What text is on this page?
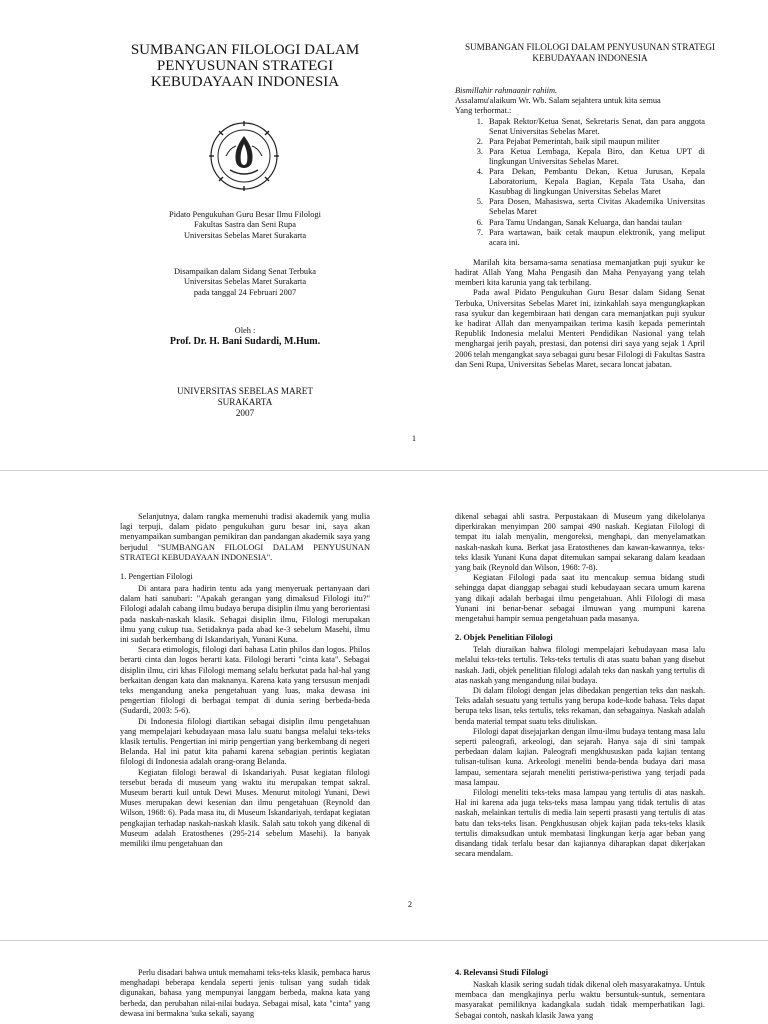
SUMBANGAN FILOLOGI DALAM PENYUSUNAN STRATEGI KEBUDAYAAN INDONESIA
Pidato Pengukuhan Guru Besar Ilmu Filologi
Fakultas Sastra dan Seni Rupa
Universitas Sebelas Maret Surakarta
Disampaikan dalam Sidang Senat Terbuka
Universitas Sebelas Maret Surakarta
pada tanggal 24 Februari 2007
Oleh :
Prof. Dr. H. Bani Sudardi, M.Hum.
UNIVERSITAS SEBELAS MARET
SURAKARTA
2007
SUMBANGAN FILOLOGI DALAM PENYUSUNAN STRATEGI KEBUDAYAAN INDONESIA

Bismillahir rahmaanir rahiim.

Assalamu'alaikum Wr. Wb. Salam sejahtera untuk kita semua

Yang terhormat.:

1. Bapak Rektor/Ketua Senat, Sekretaris Senat, dan para anggota Senat Universitas Sebelas Maret.
2. Para Pejabat Pemerintah, baik sipil maupun militer
3. Para Ketua Lembaga, Kepala Biro, dan Ketua UPT di lingkungan Universitas Sebelas Maret.
4. Para Dekan, Pembantu Dekan, Ketua Jurusan, Kepala Laboratorium, Kepala Bagian, Kepala Tata Usaha, dan Kasubbag di lingkungan Universitas Sebelas Maret
5. Para Dosen, Mahasiswa, serta Civitas Akademika Universitas Sebelas Maret
6. Para Tamu Undangan, Sanak Keluarga, dan handai taulan
7. Para wartawan, baik cetak maupun elektronik, yang meliput acara ini.

Marilah kita bersama-sama senatiasa memanjatkan puji syukur ke hadirat Allah Yang Maha Pengasih dan Maha Penyayang yang telah memberi kita karunia yang tak terbilang.

Pada awal Pidato Pengukuhan Guru Besar dalam Sidang Senat Terbuka, Universitas Sebelas Maret ini, izinkahlah saya mengungkapkan rasa syukur dan kegembiraan hati dengan cara memanjatkan puji syukur ke hadirat Allah dan menyampaikan terima kasih kepada pemerintah Republik Indonesia melalui Menteri Pendidikan Nasional yang telah menghargai jerih payah, prestasi, dan potensi diri saya yang sejak 1 April 2006 telah mengangkat saya sebagai guru besar Filologi di Fakultas Sastra dan Seni Rupa, Universitas Sebelas Maret, secara loncat jabatan.

1

Selanjutnya, dalam rangka memenuhi tradisi akademik yang mulia lagi terpuji, dalam pidato pengukuhan guru besar ini, saya akan menyampaikan sumbangan pemikiran dan pandangan akademik saya yang berjudul "SUMBANGAN FILOLOGI DALAM PENYUSUNAN STRATEGI KEBUDAYAAN INDONESIA".

1. Pengertian Filologi

Di antara para hadirin tentu ada yang menyeruak pertanyaan dari dalam hati sanubari: "Apakah gerangan yang dimaksud Filologi itu?" Filologi adalah cabang ilmu budaya berupa disiplin ilmu yang berorientasi pada naskah-naskah klasik. Sebagai disiplin ilmu, Filologi merupakan ilmu yang cukup tua. Setidaknya pada abad ke-3 sebelum Masehi, ilmu ini sudah berkembang di Iskandariyah, Yunani Kuna.

Secara etimologis, filologi dari bahasa Latin philos dan logos. Philos berarti cinta dan logos berarti kata. Filologi berarti "cinta kata". Sebagai disiplin ilmu, ciri khas Filologi memang selalu berkutat pada hal-hal yang berkaitan dengan kata dan maknanya. Karena kata yang tersusun menjadi teks mengandung aneka pengetahuan yang luas, maka dewasa ini pengertian filologi di berbagai tempat di dunia sering berbeda-beda (Sudardi, 2003: 5-6).

Di Indonesia filologi diartikan sebagai disiplin ilmu pengetahuan yang mempelajari kebudayaan masa lalu suatu bangsa melalui teks-teks klasik tertulis. Pengertian ini mirip pengertian yang berkembang di negeri Belanda. Hal ini patut kita pahami karena sebagian perintis kegiatan filologi di Indonesia adalah orang-orang Belanda.

Kegiatan filologi berawal di Iskandariyah. Pusat kegiatan filologi tersebut berada di museum yang waktu itu merupakan tempat sakral. Museum berarti kuil untuk Dewi Muses. Menurut mitologi Yunani, Dewi Muses merupakan dewi kesenian dan ilmu pengetahuan (Reynold dan Wilson, 1968: 6). Pada masa itu, di Museum Iskandariyah, terdapat kegiatan pengkajian terhadap naskah-naskah klasik. Salah satu tokoh yang dikenal di Museum adalah Eratosthenes (295-214 sebelum Masehi). Ia banyak memiliki ilmu pengetahuan dan

dikenal sebagai ahli sastra. Perpustakaan di Museum yang dikelolanya diperkirakan menyimpan 200 sampai 490 naskah. Kegiatan Filologi di tempat itu ialah menyalin, mengoreksi, menghapi, dan menyelamatkan naskah-naskah kuna. Berkat jasa Eratosthenes dan kawan-kawannya, teks-teks klasik Yunani Kuna dapat ditemukan sampai sekarang dalam keadaan yang baik (Reynold dan Wilson, 1968: 7-8).

Kegiatan Filologi pada saat itu mencakup semua bidang studi sehingga dapat dianggap sebagai studi kebudayaan secara umum karena yang dikaji adalah berbagai ilmu pengetahuan. Ahli Filologi di masa Yunani ini benar-benar sebagai ilmuwan yang mumpuni karena mengetahui hampir semua pengetahuan pada masanya.

2. Objek Penelitian Filologi

Telah diuraikan bahwa filologi mempelajari kebudayaan masa lalu melalui teks-teks tertulis. Teks-teks tertulis di atas suatu bahan yang disebut naskah. Jadi, objek penelitian filologi adalah teks dan naskah yang tertulis di atas naskah yang mengandung nilai budaya.

Di dalam filologi dengan jelas dibedakan pengertian teks dan naskah. Teks adalah sesuatu yang tertulis yang berupa kode-kode bahasa. Teks dapat berupa teks lisan, teks tertulis, teks rekaman, dan sebagainya. Naskah adalah benda material tempat suatu teks dituliskan.

Filologi dapat disejajarkan dengan ilmu-ilmu budaya tentang masa lalu seperti paleografi, arkeologi, dan sejarah. Hanya saja di sini tampak perbedaan dalam kajian. Paleografi mengkhususkan pada kajian tentang tulisan-tulisan kuna. Arkeologi meneliti benda-benda budaya dari masa lampau, sementara sejarah meneliti peristiwa-peristiwa yang terjadi pada masa lampau.

Filologi meneliti teks-teks masa lampau yang tertulis di atas naskah. Hal ini karena ada juga teks-teks masa lampau yang tidak tertulis di atas naskah, melainkan tertulis di media lain seperti prasasti yang tertulis di atas batu dan teks-teks lisan. Pengkhususan objek kajian pada teks-teks klasik tertulis dimaksudkan untuk membatasi lingkungan kerja agar beban yang disandang tidak terlalu besar dan kajiannya diharapkan dapat dikerjakan secara mendalam.

2

Perlu disadari bahwa untuk memahami teks-teks klasik, pembaca harus menghadapi beberapa kendala seperti jenis tulisan yang sudah tidak digunakan, bahasa yang mempunyai langgam berbeda, makna kata yang berbeda, dan perubahan nilai-nilai budaya. Sebagai misal, kata "cinta" yang dewasa ini bermakna 'suka sekali, sayang

4. Relevansi Studi Filologi

Naskah klasik sering sudah tidak dikenal oleh masyarakatnya. Untuk membaca dan mengkajinya perlu waktu bersuntuk-suntuk, sementara masyarakat pemiliknya kadangkala sudah tidak memperhatikan lagi. Sebagai contoh, naskah klasik Jawa yang
